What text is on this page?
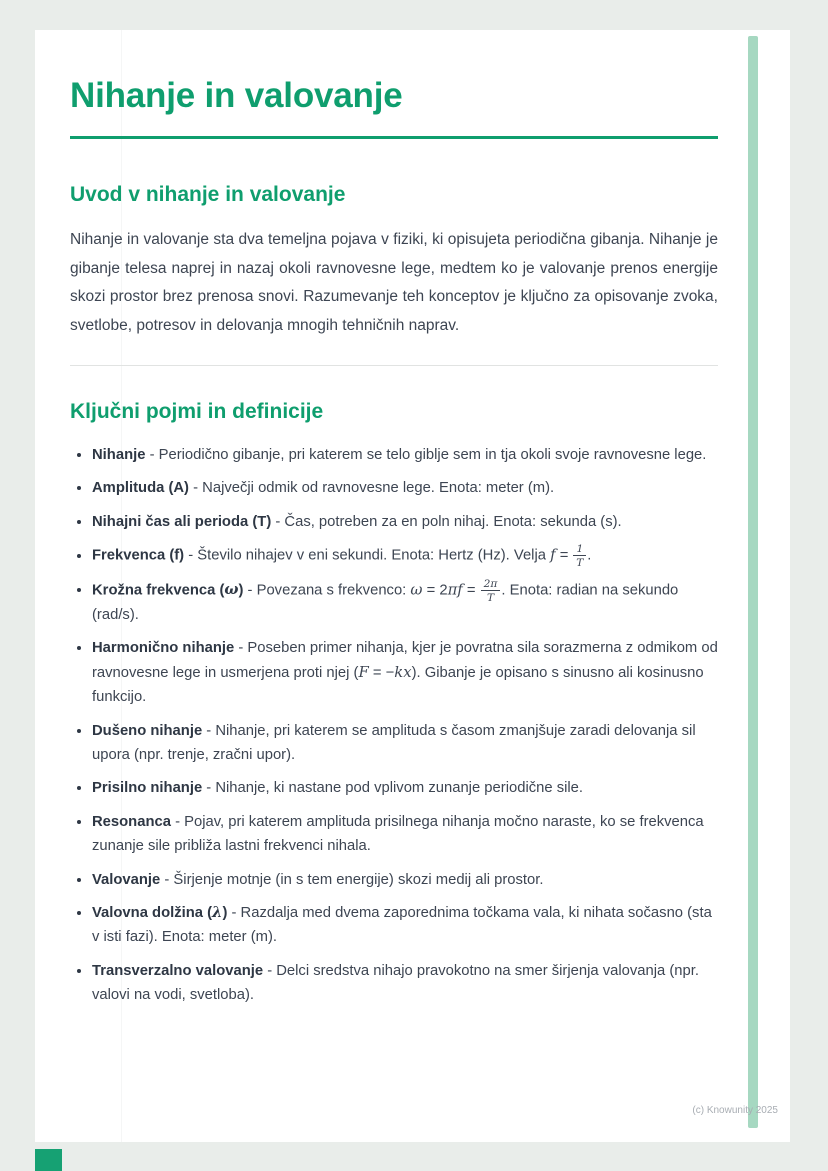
Nihanje in valovanje
Uvod v nihanje in valovanje

Nihanje in valovanje sta dva temeljna pojava v fiziki, ki opisujeta periodična gibanja. Nihanje je gibanje telesa naprej in nazaj okoli ravnovesne lege, medtem ko je valovanje prenos energije skozi prostor brez prenosa snovi. Razumevanje teh konceptov je ključno za opisovanje zvoka, svetlobe, potresov in delovanja mnogih tehničnih naprav.

Ključni pojmi in definicije
• Nihanje - Periodično gibanje, pri katerem se telo giblje sem in tja okoli svoje ravnovesne lege.
• Amplituda (A) - Največji odmik od ravnovesne lege. Enota: meter (m).
• Nihajni čas ali perioda (T) - Čas, potreben za en poln nihaj. Enota: sekunda (s).
• Frekvenca (f) - Število nihajev v eni sekundi. Enota: Hertz (Hz). Velja $f = \frac{1}{T}$ .
• Krožna frekvenca (ω) - Povezana s frekvenco: $\omega = 2\pi f = \frac{2\pi}{T}$ . Enota: radian na sekundo (rad/s).
• Harmonično nihanje - Poseben primer nihanja, kjer je povratna sila sorazmerna z odmikom od ravnovesne lege in usmerjena proti njej (F = −kx). Gibanje je opisano s sinusno ali kosinusno funkcijo.
• Dušeno nihanje - Nihanje, pri katerem se amplituda s časom zmanjšuje zaradi delovanja sil upora (npr. trenje, zračni upor).
• Prisilno nihanje - Nihanje, ki nastane pod vplivom zunanje periodične sile.
• Resonanca - Pojav, pri katerem amplituda prisilnega nihanja močno naraste, ko se frekvenca zunanje sile približa lastni frekvenci nihala.
• Valovanje - Širjenje motnje (in s tem energije) skozi medij ali prostor.
• Valovna dolžina (λ) - Razdalja med dvema zaporednima točkama vala, ki nihata sočasno (sta v isti fazi). Enota: meter (m).
• Transverzalno valovanje - Delci sredstva nihajo pravokotno na smer širjenja valovanja (npr. valovi na vodi, svetloba).
(c) Knowunity 2025
